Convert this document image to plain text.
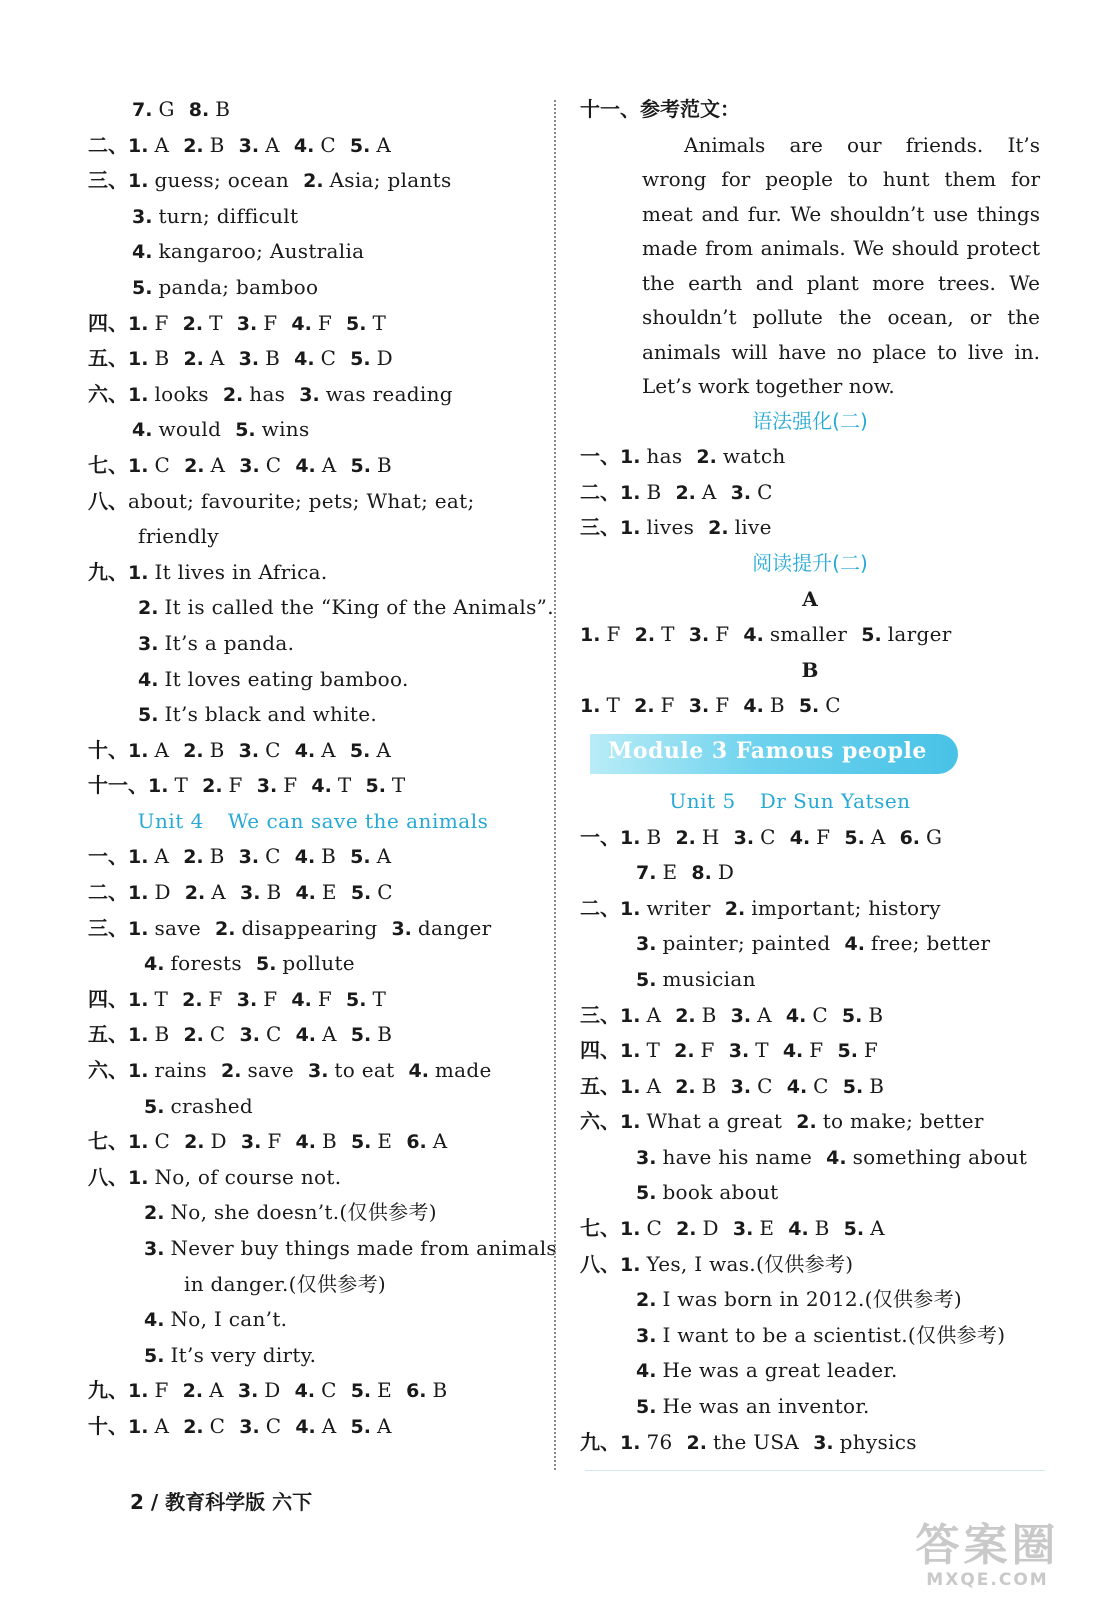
7. G 8. B
二、1. A 2. B 3. A 4. C 5. A
三、1. guess; ocean 2. Asia; plants
3. turn; difficult
4. kangaroo; Australia
5. panda; bamboo
四、1. F 2. T 3. F 4. F 5. T
五、1. B 2. A 3. B 4. C 5. D
六、1. looks 2. has 3. was reading
4. would 5. wins
七、1. C 2. A 3. C 4. A 5. B
八、about; favourite; pets; What; eat;
friendly
九、1. It lives in Africa.
2. It is called the “King of the Animals”.
3. It’s a panda.
4. It loves eating bamboo.
5. It’s black and white.
十、1. A 2. B 3. C 4. A 5. A
十一、1. T 2. F 3. F 4. T 5. T
Unit 4 We can save the animals
一、1. A 2. B 3. C 4. B 5. A
二、1. D 2. A 3. B 4. E 5. C
三、1. save 2. disappearing 3. danger
4. forests 5. pollute
四、1. T 2. F 3. F 4. F 5. T
五、1. B 2. C 3. C 4. A 5. B
六、1. rains 2. save 3. to eat 4. made
5. crashed
七、1. C 2. D 3. F 4. B 5. E 6. A
八、1. No, of course not.
2. No, she doesn’t.(仅供参考)
3. Never buy things made from animals
in danger.(仅供参考)
4. No, I can’t.
5. It’s very dirty.
九、1. F 2. A 3. D 4. C 5. E 6. B
十、1. A 2. C 3. C 4. A 5. A
十一、参考范文：

Animals are our friends. It’s

wrong for people to hunt them for

meat and fur. We shouldn’t use things

made from animals. We should protect

the earth and plant more trees. We

shouldn’t pollute the ocean, or the

animals will have no place to live in.

Let’s work together now.

语法强化(二)
一、1. has 2. watch
二、1. B 2. A 3. C
三、1. lives 2. live
阅读提升(二)
A
1. F 2. T 3. F 4. smaller 5. larger
B
1. T 2. F 3. F 4. B 5. C
Module 3 Famous people
Unit 5 Dr Sun Yatsen
一、1. B 2. H 3. C 4. F 5. A 6. G
7. E 8. D
二、1. writer 2. important; history
3. painter; painted 4. free; better
5. musician
三、1. A 2. B 3. A 4. C 5. B
四、1. T 2. F 3. T 4. F 5. F
五、1. A 2. B 3. C 4. C 5. B
六、1. What a great 2. to make; better
3. have his name 4. something about
5. book about
七、1. C 2. D 3. E 4. B 5. A
八、1. Yes, I was.(仅供参考)
2. I was born in 2012.(仅供参考)
3. I want to be a scientist.(仅供参考)
4. He was a great leader.
5. He was an inventor.
九、1. 76 2. the USA 3. physics
2 / 教育科学版 六下
答案圈
MXQE.COM
